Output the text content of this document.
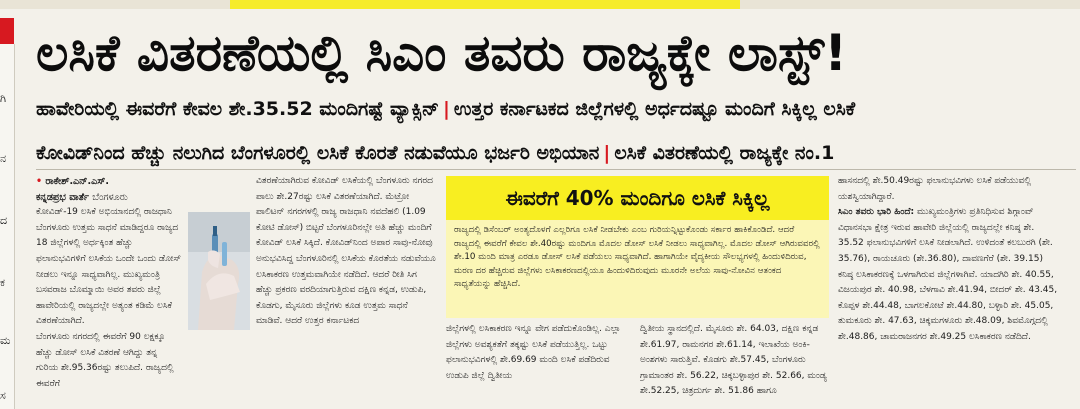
ಗಿ
ನ
ದ
ಕ
ಮ
ಸ
ಲಸಿಕೆ ವಿತರಣೆಯಲ್ಲಿ ಸಿಎಂ ತವರು ರಾಜ್ಯಕ್ಕೇ ಲಾಸ್ಟ್!
ಹಾವೇರಿಯಲ್ಲಿ ಈವರೆಗೆ ಕೇವಲ ಶೇ.35.52 ಮಂದಿಗಷ್ಟೆ ವ್ಯಾಕ್ಸಿನ್ | ಉತ್ತರ ಕರ್ನಾಟಕದ ಜಿಲ್ಲೆಗಳಲ್ಲಿ ಅರ್ಧದಷ್ಟೂ ಮಂದಿಗೆ ಸಿಕ್ಕಿಲ್ಲ ಲಸಿಕೆ
ಕೋವಿಡ್‌ನಿಂದ ಹೆಚ್ಚು ನಲುಗಿದ ಬೆಂಗಳೂರಲ್ಲಿ ಲಸಿಕೆ ಕೊರತೆ ನಡುವೆಯೂ ಭರ್ಜರಿ ಅಭಿಯಾನ | ಲಸಿಕೆ ವಿತರಣೆಯಲ್ಲಿ ರಾಜ್ಯಕ್ಕೇ ನಂ.1

• ರಾಕೇಶ್.ಎನ್.ಎಸ್.

ಕನ್ನಡಪ್ರಭ ವಾರ್ತೆ ಬೆಂಗಳೂರು

ಕೋವಿಡ್-19 ಲಸಿಕೆ ಅಭಿಯಾನದಲ್ಲಿ ರಾಜಧಾನಿ ಬೆಂಗಳೂರು ಉತ್ತಮ ಸಾಧನೆ ಮಾಡಿದ್ದರೂ ರಾಜ್ಯದ 18 ಜಿಲ್ಲೆಗಳಲ್ಲಿ ಅರ್ಧಕ್ಕಿಂತ ಹೆಚ್ಚು ಫಲಾನುಭವಿಗಳಿಗೆ ಲಸಿಕೆಯ ಒಂದೇ ಒಂದು ಡೋಸ್ ನೀಡಲು ಇನ್ನೂ ಸಾಧ್ಯವಾಗಿಲ್ಲ. ಮುಖ್ಯಮಂತ್ರಿ ಬಸವರಾಜ ಬೊಮ್ಮಾಯಿ ಅವರ ತವರು ಜಿಲ್ಲೆ ಹಾವೇರಿಯಲ್ಲಿ ರಾಜ್ಯದಲ್ಲೇ ಅತ್ಯಂತ ಕಡಿಮೆ ಲಸಿಕೆ ವಿತರಣೆಯಾಗಿದೆ.

ಬೆಂಗಳೂರು ನಗರದಲ್ಲಿ ಈವರೆಗೆ 90 ಲಕ್ಷಕ್ಕೂ ಹೆಚ್ಚು ಡೋಸ್ ಲಸಿಕೆ ವಿತರಣೆ ಆಗಿದ್ದು ತನ್ನ ಗುರಿಯ ಶೇ.95.36ರಷ್ಟು ತಲುಪಿದೆ. ರಾಜ್ಯದಲ್ಲಿ ಈವರೆಗೆ

ವಿತರಣೆಯಾಗಿರುವ ಕೋವಿಡ್ ಲಸಿಕೆಯಲ್ಲಿ ಬೆಂಗಳೂರು ನಗರದ ಪಾಲು ಶೇ.27ರಷ್ಟು ಲಸಿಕೆ ವಿತರಣೆಯಾಗಿದೆ. ಮೆಟ್ರೋ ಪಾಲಿಟನ್ ನಗರಗಳಲ್ಲಿ ರಾಜ್ಯ ರಾಜಧಾನಿ ನವದೆಹಲಿ (1.09 ಕೋಟಿ ಡೋಸ್) ಬಿಟ್ಟರೆ ಬೆಂಗಳೂರಿನಲ್ಲೇ ಅತಿ ಹೆಚ್ಚು ಮಂದಿಗೆ ಕೋವಿಡ್ ಲಸಿಕೆ ಸಿಕ್ಕಿದೆ. ಕೋವಿಡ್‌ನಿಂದ ಅಪಾರ ಸಾವು-ನೋವು ಅನುಭವಿಸಿದ್ದ ಬೆಂಗಳೂರಿನಲ್ಲಿ ಲಸಿಕೆಯ ಕೊರತೆಯ ನಡುವೆಯೂ ಲಸಿಕಾಕರಣ ಉತ್ತಮವಾಗಿಯೇ ನಡೆದಿದೆ. ಆದರೆ ರೀತಿ ಸಿಗ ಹೆಚ್ಚು ಪ್ರಕರಣ ವರದಿಯಾಗುತ್ತಿರುವ ದಕ್ಷಿಣ ಕನ್ನಡ, ಉಡುಪಿ, ಕೊಡಗು, ಮೈಸೂರು ಜಿಲ್ಲೆಗಳು ಕೂಡ ಉತ್ತಮ ಸಾಧನೆ ಮಾಡಿವೆ. ಆದರೆ ಉತ್ತರ ಕರ್ನಾಟಕದ

ಈವರೆಗೆ 40% ಮಂದಿಗೂ ಲಸಿಕೆ ಸಿಕ್ಕಿಲ್ಲ

ರಾಜ್ಯದಲ್ಲಿ ಡಿಸೆಂಬರ್ ಅಂತ್ಯದೊಳಗೆ ಎಲ್ಲರಿಗೂ ಲಸಿಕೆ ನೀಡಬೇಕು ಎಂಬ ಗುರಿಯನ್ನಿಟ್ಟುಕೊಂಡು ಸರ್ಕಾರ ಹಾಕಿಕೊಂಡಿದೆ. ಆದರೆ ರಾಜ್ಯದಲ್ಲಿ ಈವರೆಗೆ ಕೇವಲ ಶೇ.40ರಷ್ಟು ಮಂದಿಗೂ ಮೊದಲ ಡೋಸ್ ಲಸಿಕೆ ನೀಡಲು ಸಾಧ್ಯವಾಗಿಲ್ಲ. ಮೊದಲ ಡೋಸ್ ಆಗಿರುವವರಲ್ಲಿ ಶೇ.10 ಮಂದಿ ಮಾತ್ರ ಎರಡೂ ಡೋಸ್ ಲಸಿಕೆ ಪಡೆಯಲು ಸಾಧ್ಯವಾಗಿದೆ. ಹಾಗಾಗಿಯೇ ವೈದ್ಯಕೀಯ ಸೌಲಭ್ಯಗಳಲ್ಲಿ ಹಿಂದುಳಿದಿರುವ, ಮರಣ ದರ ಹೆಚ್ಚಿರುವ ಜಿಲ್ಲೆಗಳು ಲಸಿಕಾಕರಣದಲ್ಲಿಯೂ ಹಿಂದುಳಿದಿರುವುದು ಮೂರನೇ ಅಲೆಯ ಸಾವು-ನೋವಿನ ಆತಂಕದ ಸಾಧ್ಯತೆಯನ್ನು ಹೆಚ್ಚಿಸಿದೆ.

ಜಿಲ್ಲೆಗಳಲ್ಲಿ ಲಸಿಕಾಕರಣ ಇನ್ನೂ ವೇಗ ಪಡೆದುಕೊಂಡಿಲ್ಲ. ಎಲ್ಲಾ ಜಿಲ್ಲೆಗಳು ಅವಶ್ಯಕತೆಗೆ ತಕ್ಕಷ್ಟು ಲಸಿಕೆ ಪಡೆಯುತ್ತಿಲ್ಲ. ಒಟ್ಟು ಫಲಾನುಭವಿಗಳಲ್ಲಿ ಶೇ.69.69 ಮಂದಿ ಲಸಿಕೆ ಪಡೆದಿರುವ ಉಡುಪಿ ಜಿಲ್ಲೆ ದ್ವಿತೀಯ

ದ್ವಿತೀಯ ಸ್ಥಾನದಲ್ಲಿದೆ. ಮೈಸೂರು ಶೇ. 64.03, ದಕ್ಷಿಣ ಕನ್ನಡ ಶೇ.61.97, ರಾಮನಗರ ಶೇ.61.14, ಇಲಾಖೆಯ ಅಂಕಿ-ಅಂಶಗಳು ಸಾರುತ್ತಿವೆ. ಕೊಡಗು ಶೇ.57.45, ಬೆಂಗಳೂರು ಗ್ರಾಮಾಂತರ ಶೇ. 56.22, ಚಿಕ್ಕಬಳ್ಳಾಪುರ ಶೇ. 52.66, ಮಂಡ್ಯ ಶೇ.52.25, ಚಿತ್ರದುರ್ಗ ಶೇ. 51.86 ಹಾಗೂ

ಹಾಸನದಲ್ಲಿ ಶೇ.50.49ರಷ್ಟು ಫಲಾನುಭವಿಗಳು ಲಸಿಕೆ ಪಡೆಯುವಲ್ಲಿ ಯಶಸ್ವಿಯಾಗಿದ್ದಾರೆ.

ಸಿಎಂ ತವರು ಭಾರಿ ಹಿಂದೆ: ಮುಖ್ಯಮಂತ್ರಿಗಳು ಪ್ರತಿನಿಧಿಸುವ ಶಿಗ್ಗಾಂವ್ ವಿಧಾನಸಭಾ ಕ್ಷೇತ್ರ ಇರುವ ಹಾವೇರಿ ಜಿಲ್ಲೆಯಲ್ಲಿ ರಾಜ್ಯದಲ್ಲೇ ಕನಿಷ್ಠ ಶೇ. 35.52 ಫಲಾನುಭವಿಗಳಿಗೆ ಲಸಿಕೆ ನೀಡಲಾಗಿದೆ. ಉಳಿದಂತೆ ಕಲಬುರಗಿ (ಶೇ. 35.76), ರಾಯಚೂರು (ಶೇ.36.80), ದಾವಣಗೆರೆ (ಶೇ. 39.15) ಕನಿಷ್ಠ ಲಸಿಕಾಕರಣಕ್ಕೆ ಒಳಗಾಗಿರುವ ಜಿಲ್ಲೆಗಳಾಗಿವೆ. ಯಾದಗಿರಿ ಶೇ. 40.55, ವಿಜಯಪುರ ಶೇ. 40.98, ಬೆಳಗಾವಿ ಶೇ.41.94, ಬೀದರ್ ಶೇ. 43.45, ಕೊಪ್ಪಳ ಶೇ.44.48, ಬಾಗಲಕೋಟೆ ಶೇ.44.80, ಬಳ್ಳಾರಿ ಶೇ. 45.05, ತುಮಕೂರು ಶೇ. 47.63, ಚಿಕ್ಕಮಗಳೂರು ಶೇ.48.09, ಶಿವಮೊಗ್ಗದಲ್ಲಿ ಶೇ.48.86, ಚಾಮರಾಜನಗರ ಶೇ.49.25 ಲಸಿಕಾಕರಣ ನಡೆದಿದೆ.
